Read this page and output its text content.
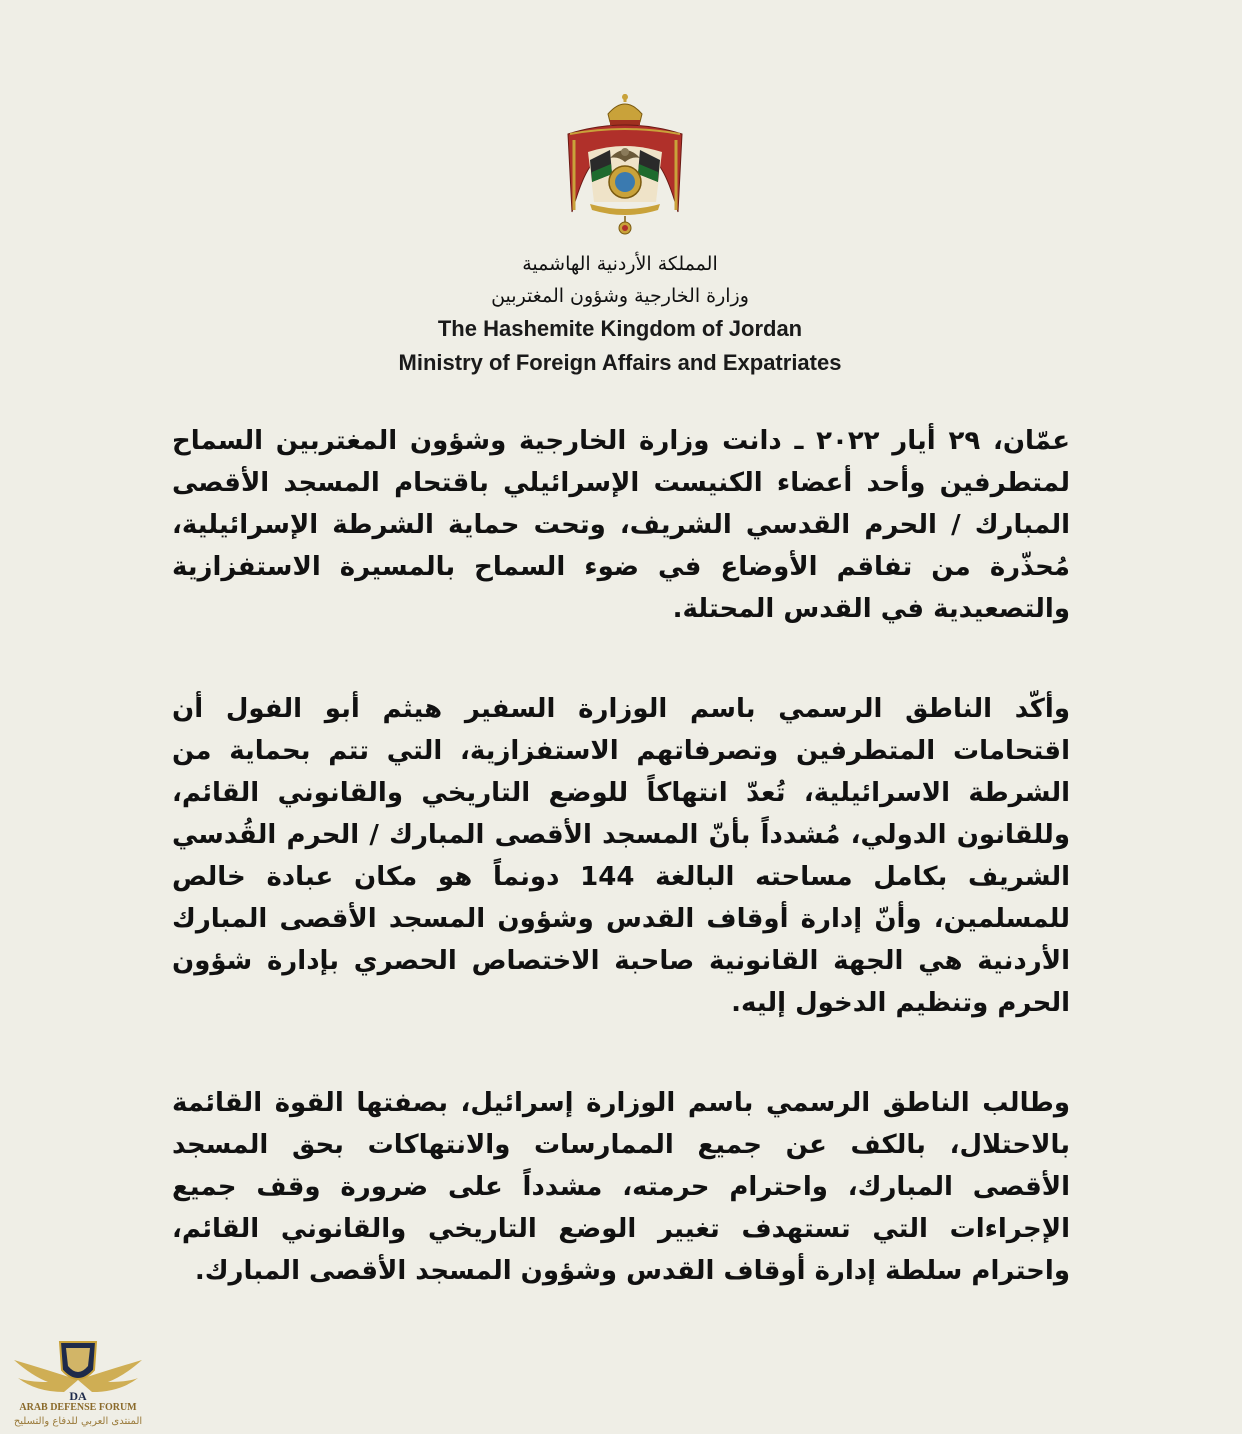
المملكة الأردنية الهاشمية
وزارة الخارجية وشؤون المغتربين
The Hashemite Kingdom of Jordan
Ministry of Foreign Affairs and Expatriates

عمّان، ٢٩ أيار ٢٠٢٢ ـ دانت وزارة الخارجية وشؤون المغتربين السماح لمتطرفين وأحد أعضاء الكنيست الإسرائيلي باقتحام المسجد الأقصى المبارك / الحرم القدسي الشريف، وتحت حماية الشرطة الإسرائيلية، مُحذّرة من تفاقم الأوضاع في ضوء السماح بالمسيرة الاستفزازية والتصعيدية في القدس المحتلة.

وأكّد الناطق الرسمي باسم الوزارة السفير هيثم أبو الفول أن اقتحامات المتطرفين وتصرفاتهم الاستفزازية، التي تتم بحماية من الشرطة الاسرائيلية، تُعدّ انتهاكاً للوضع التاريخي والقانوني القائم، وللقانون الدولي، مُشدداً بأنّ المسجد الأقصى المبارك / الحرم القُدسي الشريف بكامل مساحته البالغة 144 دونماً هو مكان عبادة خالص للمسلمين، وأنّ إدارة أوقاف القدس وشؤون المسجد الأقصى المبارك الأردنية هي الجهة القانونية صاحبة الاختصاص الحصري بإدارة شؤون الحرم وتنظيم الدخول إليه.

وطالب الناطق الرسمي باسم الوزارة إسرائيل، بصفتها القوة القائمة بالاحتلال، بالكف عن جميع الممارسات والانتهاكات بحق المسجد الأقصى المبارك، واحترام حرمته، مشدداً على ضرورة وقف جميع الإجراءات التي تستهدف تغيير الوضع التاريخي والقانوني القائم، واحترام سلطة إدارة أوقاف القدس وشؤون المسجد الأقصى المبارك.

DA
ARAB DEFENSE FORUM
المنتدى العربي للدفاع والتسليح
